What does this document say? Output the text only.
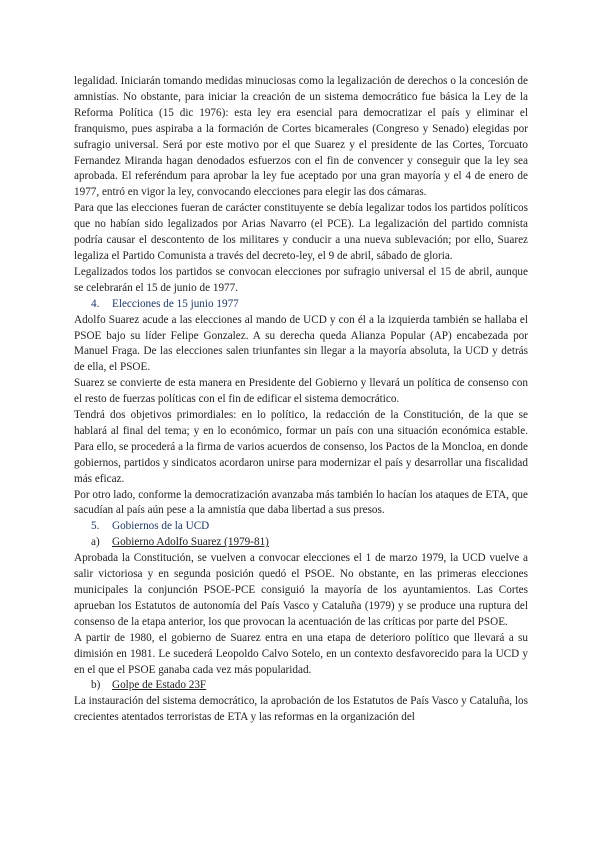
legalidad. Iniciarán tomando medidas minuciosas como la legalización de derechos o la concesión de amnistías. No obstante, para iniciar la creación de un sistema democrático fue básica la Ley de la Reforma Política (15 dic 1976): esta ley era esencial para democratizar el país y eliminar el franquismo, pues aspiraba a la formación de Cortes bicamerales (Congreso y Senado) elegidas por sufragio universal. Será por este motivo por el que Suarez y el presidente de las Cortes, Torcuato Fernandez Miranda hagan denodados esfuerzos con el fin de convencer y conseguir que la ley sea aprobada. El referéndum para aprobar la ley fue aceptado por una gran mayoría y el 4 de enero de 1977, entró en vigor la ley, convocando elecciones para elegir las dos cámaras.

Para que las elecciones fueran de carácter constituyente se debía legalizar todos los partidos políticos que no habían sido legalizados por Arias Navarro (el PCE). La legalización del partido comnista podría causar el descontento de los militares y conducir a una nueva sublevación; por ello, Suarez legaliza el Partido Comunista a través del decreto-ley, el 9 de abril, sábado de gloria.

Legalizados todos los partidos se convocan elecciones por sufragio universal el 15 de abril, aunque se celebrarán el 15 de junio de 1977.

4. Elecciones de 15 junio 1977

Adolfo Suarez acude a las elecciones al mando de UCD y con él a la izquierda también se hallaba el PSOE bajo su líder Felipe Gonzalez. A su derecha queda Alianza Popular (AP) encabezada por Manuel Fraga. De las elecciones salen triunfantes sin llegar a la mayoría absoluta, la UCD y detrás de ella, el PSOE.

Suarez se convierte de esta manera en Presidente del Gobierno y llevará un política de consenso con el resto de fuerzas políticas con el fin de edificar el sistema democrático.

Tendrá dos objetivos primordiales: en lo político, la redacción de la Constitución, de la que se hablará al final del tema; y en lo económico, formar un país con una situación económica estable. Para ello, se procederá a la firma de varios acuerdos de consenso, los Pactos de la Moncloa, en donde gobiernos, partidos y sindicatos acordaron unirse para modernizar el país y desarrollar una fiscalidad más eficaz.

Por otro lado, conforme la democratización avanzaba más también lo hacían los ataques de ETA, que sacudían al país aún pese a la amnistía que daba libertad a sus presos.

5. Gobiernos de la UCD

a) Gobierno Adolfo Suarez (1979-81)

Aprobada la Constitución, se vuelven a convocar elecciones el 1 de marzo 1979, la UCD vuelve a salir victoriosa y en segunda posición quedó el PSOE. No obstante, en las primeras elecciones municipales la conjunción PSOE-PCE consiguió la mayoría de los ayuntamientos. Las Cortes aprueban los Estatutos de autonomía del País Vasco y Cataluña (1979) y se produce una ruptura del consenso de la etapa anterior, los que provocan la acentuación de las críticas por parte del PSOE.

A partir de 1980, el gobierno de Suarez entra en una etapa de deterioro político que llevará a su dimisión en 1981. Le sucederá Leopoldo Calvo Sotelo, en un contexto desfavorecido para la UCD y en el que el PSOE ganaba cada vez más popularidad.

b) Golpe de Estado 23F

La instauración del sistema democrático, la aprobación de los Estatutos de País Vasco y Cataluña, los crecientes atentados terroristas de ETA y las reformas en la organización del
